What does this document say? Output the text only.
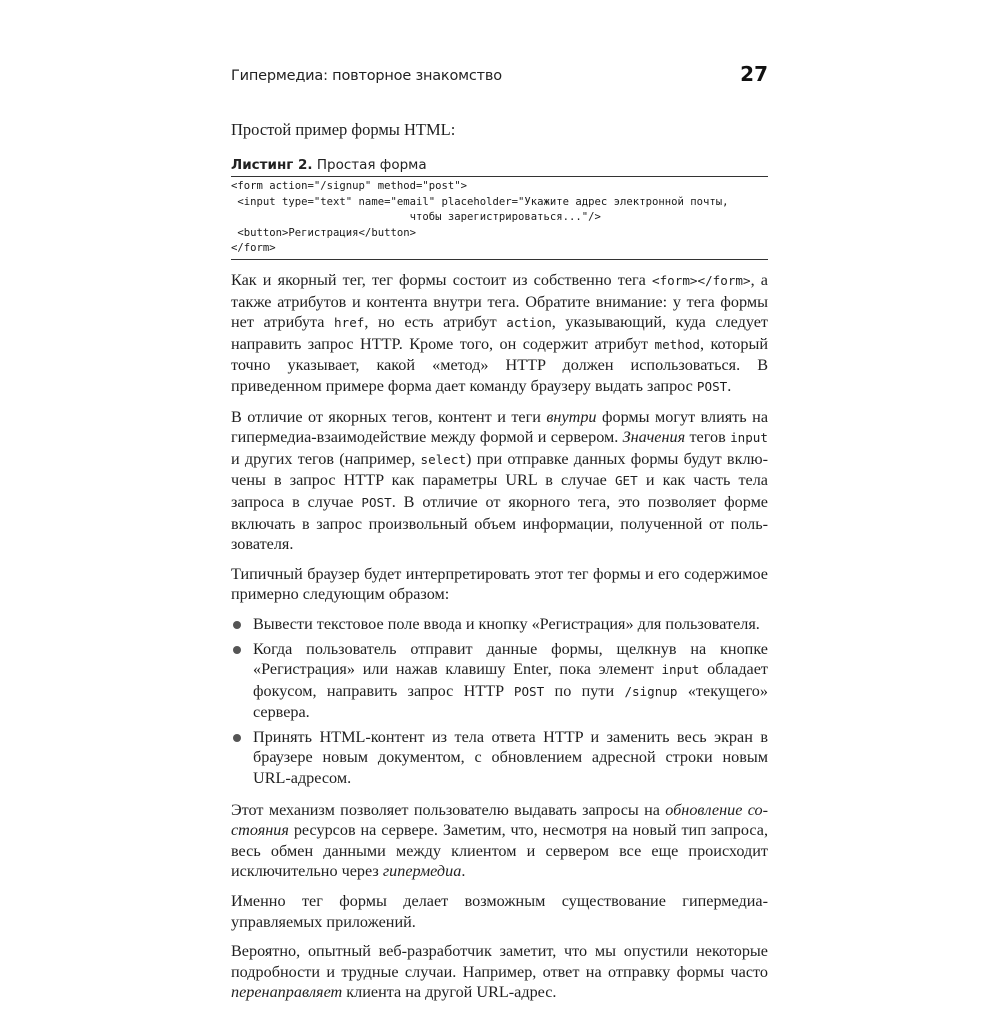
Гипермедиа: повторное знакомство	27

Простой пример формы HTML:

Листинг 2. Простая форма
<form action="/signup" method="post">
<input type="text" name="email" placeholder="Укажите адрес электронной почты,
чтобы зарегистрироваться..."/>
<button>Регистрация</button>
</form>

Как и якорный тег, тег формы состоит из собственно тега <form></form>, а также атрибутов и контента внутри тега. Обратите внимание: у тега формы нет атрибута href, но есть атрибут action, указывающий, куда следует направить запрос HTTP. Кроме того, он содержит атрибут method, который точно указывает, какой «метод» HTTP должен использоваться. В приведенном примере форма дает команду браузеру выдать запрос POST.

В отличие от якорных тегов, контент и теги внутри формы могут влиять на гипермедиа-взаимодействие между формой и сервером. Значения тегов input и других тегов (например, select) при отправке данных формы будут включены в запрос HTTP как параметры URL в случае GET и как часть тела запроса в случае POST. В отличие от якорного тега, это позволяет форме включать в запрос произвольный объем информации, полученной от пользователя.

Типичный браузер будет интерпретировать этот тег формы и его содержимое примерно следующим образом:

Вывести текстовое поле ввода и кнопку «Регистрация» для пользователя.
Когда пользователь отправит данные формы, щелкнув на кнопке «Регистрация» или нажав клавишу Enter, пока элемент input обладает фокусом, направить запрос HTTP POST по пути /signup «текущего» сервера.
Принять HTML-контент из тела ответа HTTP и заменить весь экран в браузере новым документом, с обновлением адресной строки новым URL-адресом.

Этот механизм позволяет пользователю выдавать запросы на обновление состояния ресурсов на сервере. Заметим, что, несмотря на новый тип запроса, весь обмен данными между клиентом и сервером все еще происходит исключительно через гипермедиа.

Именно тег формы делает возможным существование гипермедиа-управляемых приложений.

Вероятно, опытный веб-разработчик заметит, что мы опустили некоторые подробности и трудные случаи. Например, ответ на отправку формы часто перенаправляет клиента на другой URL-адрес.
